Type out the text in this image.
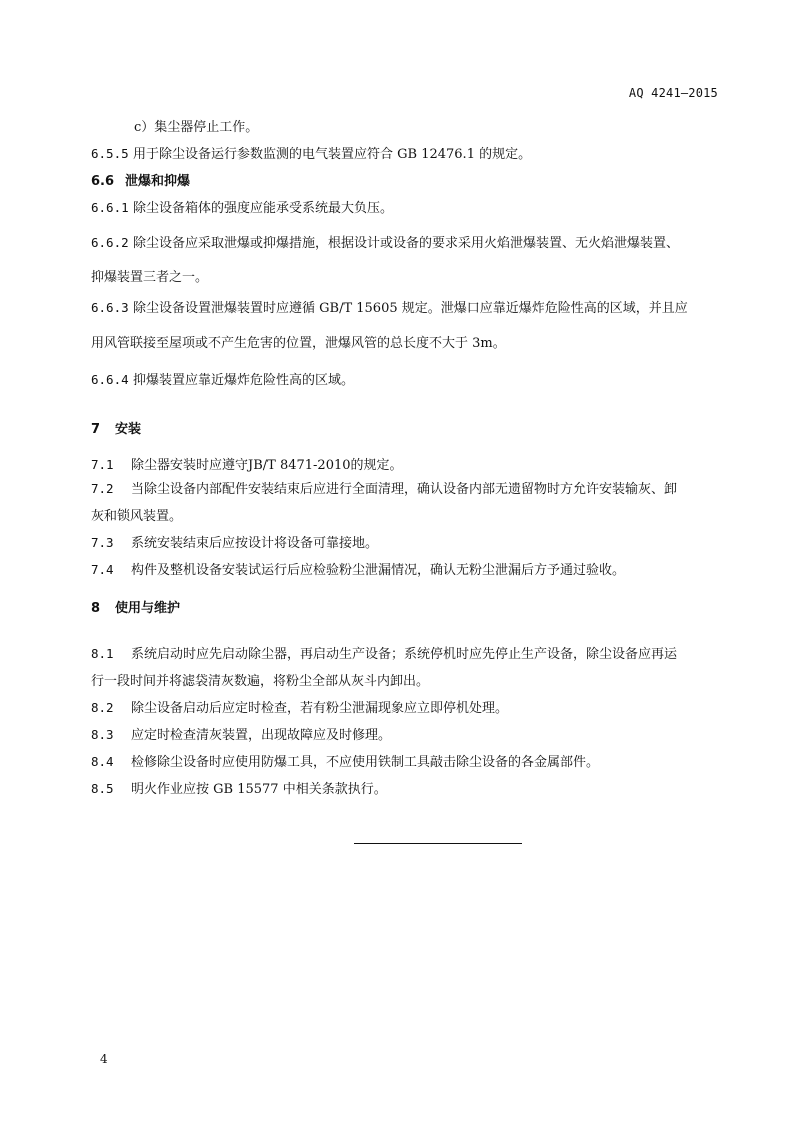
AQ 4241—2015
c）集尘器停止工作。
6.5.5 用于除尘设备运行参数监测的电气装置应符合 GB 12476.1 的规定。
6.6 泄爆和抑爆
6.6.1 除尘设备箱体的强度应能承受系统最大负压。
6.6.2 除尘设备应采取泄爆或抑爆措施，根据设计或设备的要求采用火焰泄爆装置、无火焰泄爆装置、
抑爆装置三者之一。
6.6.3 除尘设备设置泄爆装置时应遵循 GB/T 15605 规定。泄爆口应靠近爆炸危险性高的区域，并且应
用风管联接至屋项或不产生危害的位置，泄爆风管的总长度不大于 3m。
6.6.4 抑爆装置应靠近爆炸危险性高的区域。
7 安装
7.1 除尘器安装时应遵守JB/T 8471-2010的规定。
7.2 当除尘设备内部配件安装结束后应进行全面清理，确认设备内部无遗留物时方允许安装输灰、卸
灰和锁风装置。
7.3 系统安装结束后应按设计将设备可靠接地。
7.4 构件及整机设备安装试运行后应检验粉尘泄漏情况，确认无粉尘泄漏后方予通过验收。
8 使用与维护
8.1 系统启动时应先启动除尘器，再启动生产设备；系统停机时应先停止生产设备，除尘设备应再运
行一段时间并将滤袋清灰数遍，将粉尘全部从灰斗内卸出。
8.2 除尘设备启动后应定时检查，若有粉尘泄漏现象应立即停机处理。
8.3 应定时检查清灰装置，出现故障应及时修理。
8.4 检修除尘设备时应使用防爆工具，不应使用铁制工具敲击除尘设备的各金属部件。
8.5 明火作业应按 GB 15577 中相关条款执行。
4
